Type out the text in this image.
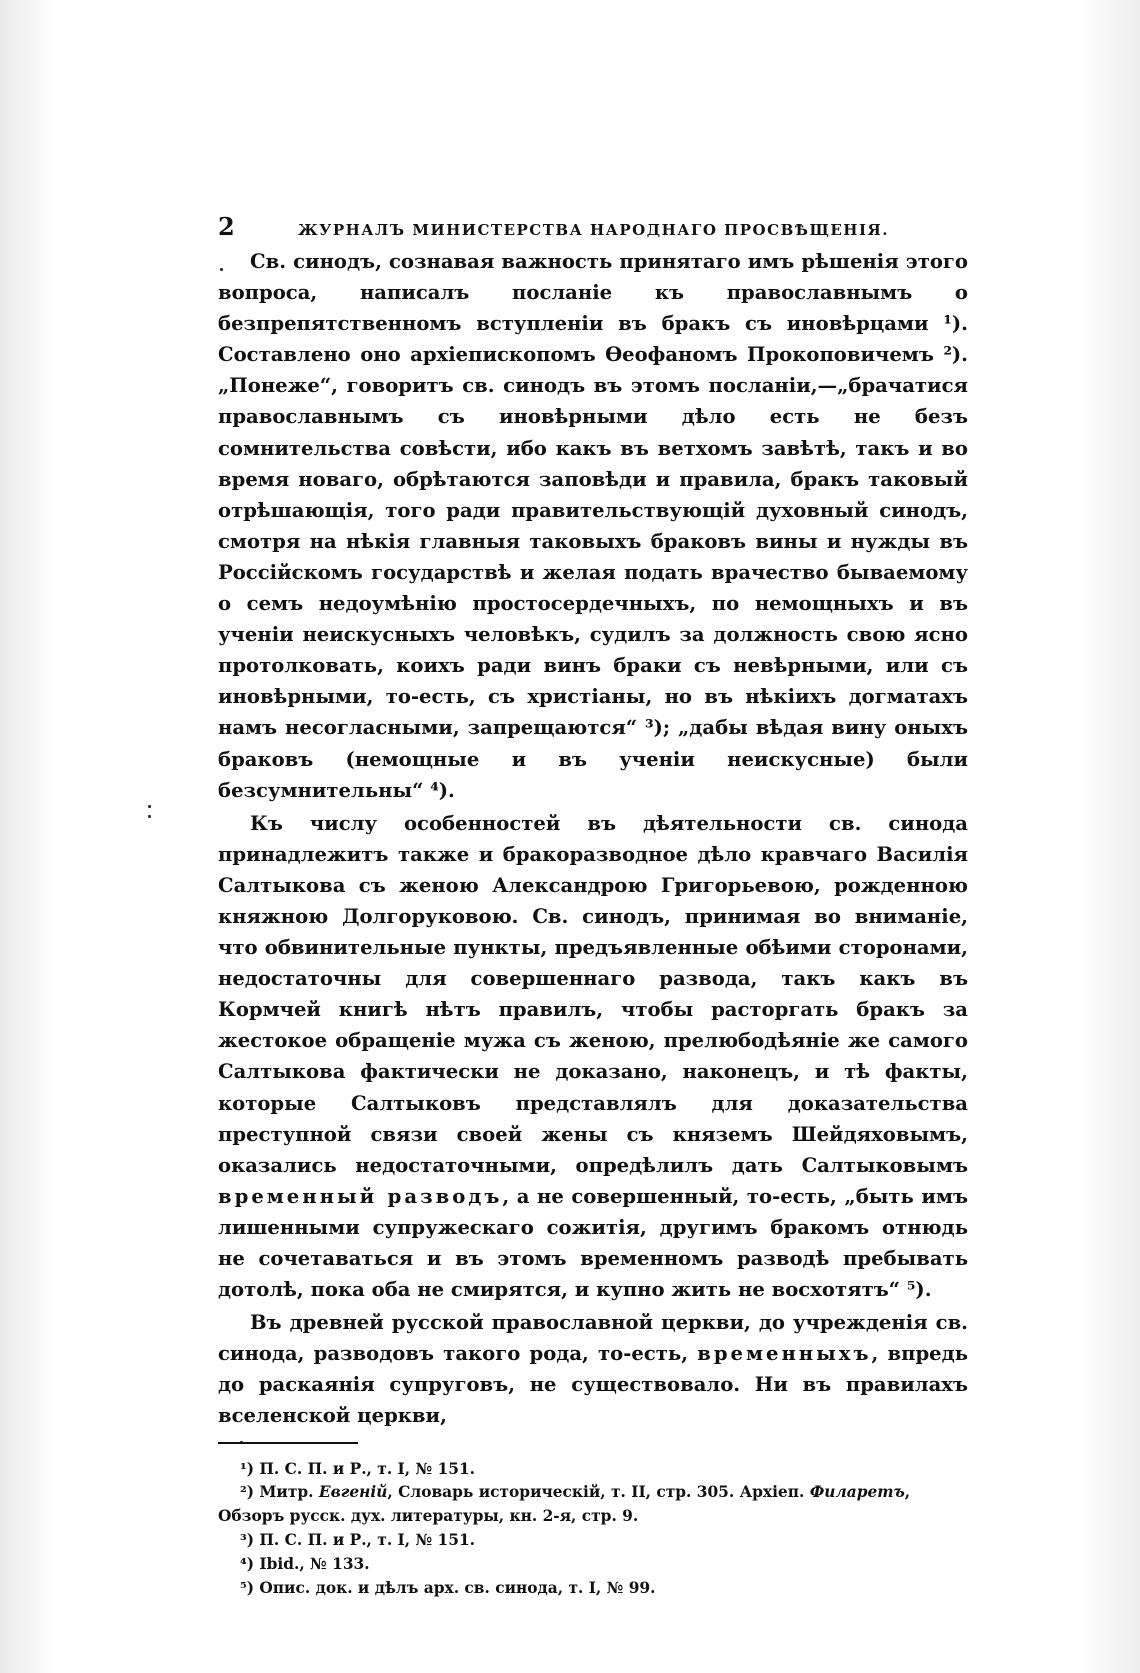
2	ЖУРНАЛЪ МИНИСТЕРСТВА НАРОДНАГО ПРОСВѢЩЕНІЯ.

Св. синодъ, сознавая важность принятаго имъ рѣшенія этого вопроса, написалъ посланіе къ православнымъ о безпрепятственномъ вступленіи въ бракъ съ иновѣрцами ¹). Составлено оно архіепископомъ Ѳеофаномъ Прокоповичемъ ²). „Понеже“, говоритъ св. синодъ въ этомъ посланіи,—„брачатися православнымъ съ иновѣрными дѣло есть не безъ сомнительства совѣсти, ибо какъ въ ветхомъ завѣтѣ, такъ и во время новаго, обрѣтаются заповѣди и правила, бракъ таковый отрѣшающія, того ради правительствующій духовный синодъ, смотря на нѣкія главныя таковыхъ браковъ вины и нужды въ Россійскомъ государствѣ и желая подать врачество бываемому о семъ недоумѣнію простосердечныхъ, по немощныхъ и въ ученіи неискусныхъ человѣкъ, судилъ за должность свою ясно протолковать, коихъ ради винъ браки съ невѣрными, или съ иновѣрными, то-есть, съ христіаны, но въ нѣкіихъ догматахъ намъ несогласными, запрещаются“ ³); „дабы вѣдая вину оныхъ браковъ (немощные и въ ученіи неискусные) были безсумнительны“ ⁴).

Къ числу особенностей въ дѣятельности св. синода принадлежитъ также и бракоразводное дѣло кравчаго Василія Салтыкова съ женою Александрою Григорьевою, рожденною княжною Долгоруковою. Св. синодъ, принимая во вниманіе, что обвинительные пункты, предъявленные обѣими сторонами, недостаточны для совершеннаго развода, такъ какъ въ Кормчей книгѣ нѣтъ правилъ, чтобы расторгать бракъ за жестокое обращеніе мужа съ женою, прелюбодѣяніе же самого Салтыкова фактически не доказано, наконецъ, и тѣ факты, которые Салтыковъ представлялъ для доказательства преступной связи своей жены съ княземъ Шейдяховымъ, оказались недостаточными, опредѣлилъ дать Салтыковымъ временный разводъ, а не совершенный, то-есть, „быть имъ лишенными супружескаго сожитія, другимъ бракомъ отнюдь не сочетаваться и въ этомъ временномъ разводѣ пребывать дотолѣ, пока оба не смирятся, и купно жить не восхотятъ“ ⁵).

Въ древней русской православной церкви, до учрежденія св. синода, разводовъ такого рода, то-есть, временныхъ, впредь до раскаянія супруговъ, не существовало. Ни въ правилахъ вселенской церкви,

¹) П. С. П. и Р., т. I, № 151.
²) Митр. Евгеній, Словарь историческій, т. II, стр. 305. Архіеп. Филаретъ,
Обзоръ русск. дух. литературы, кн. 2-я, стр. 9.
³) П. С. П. и Р., т. I, № 151.
⁴) Ibid., № 133.
⁵) Опис. док. и дѣлъ арх. св. синода, т. I, № 99.
